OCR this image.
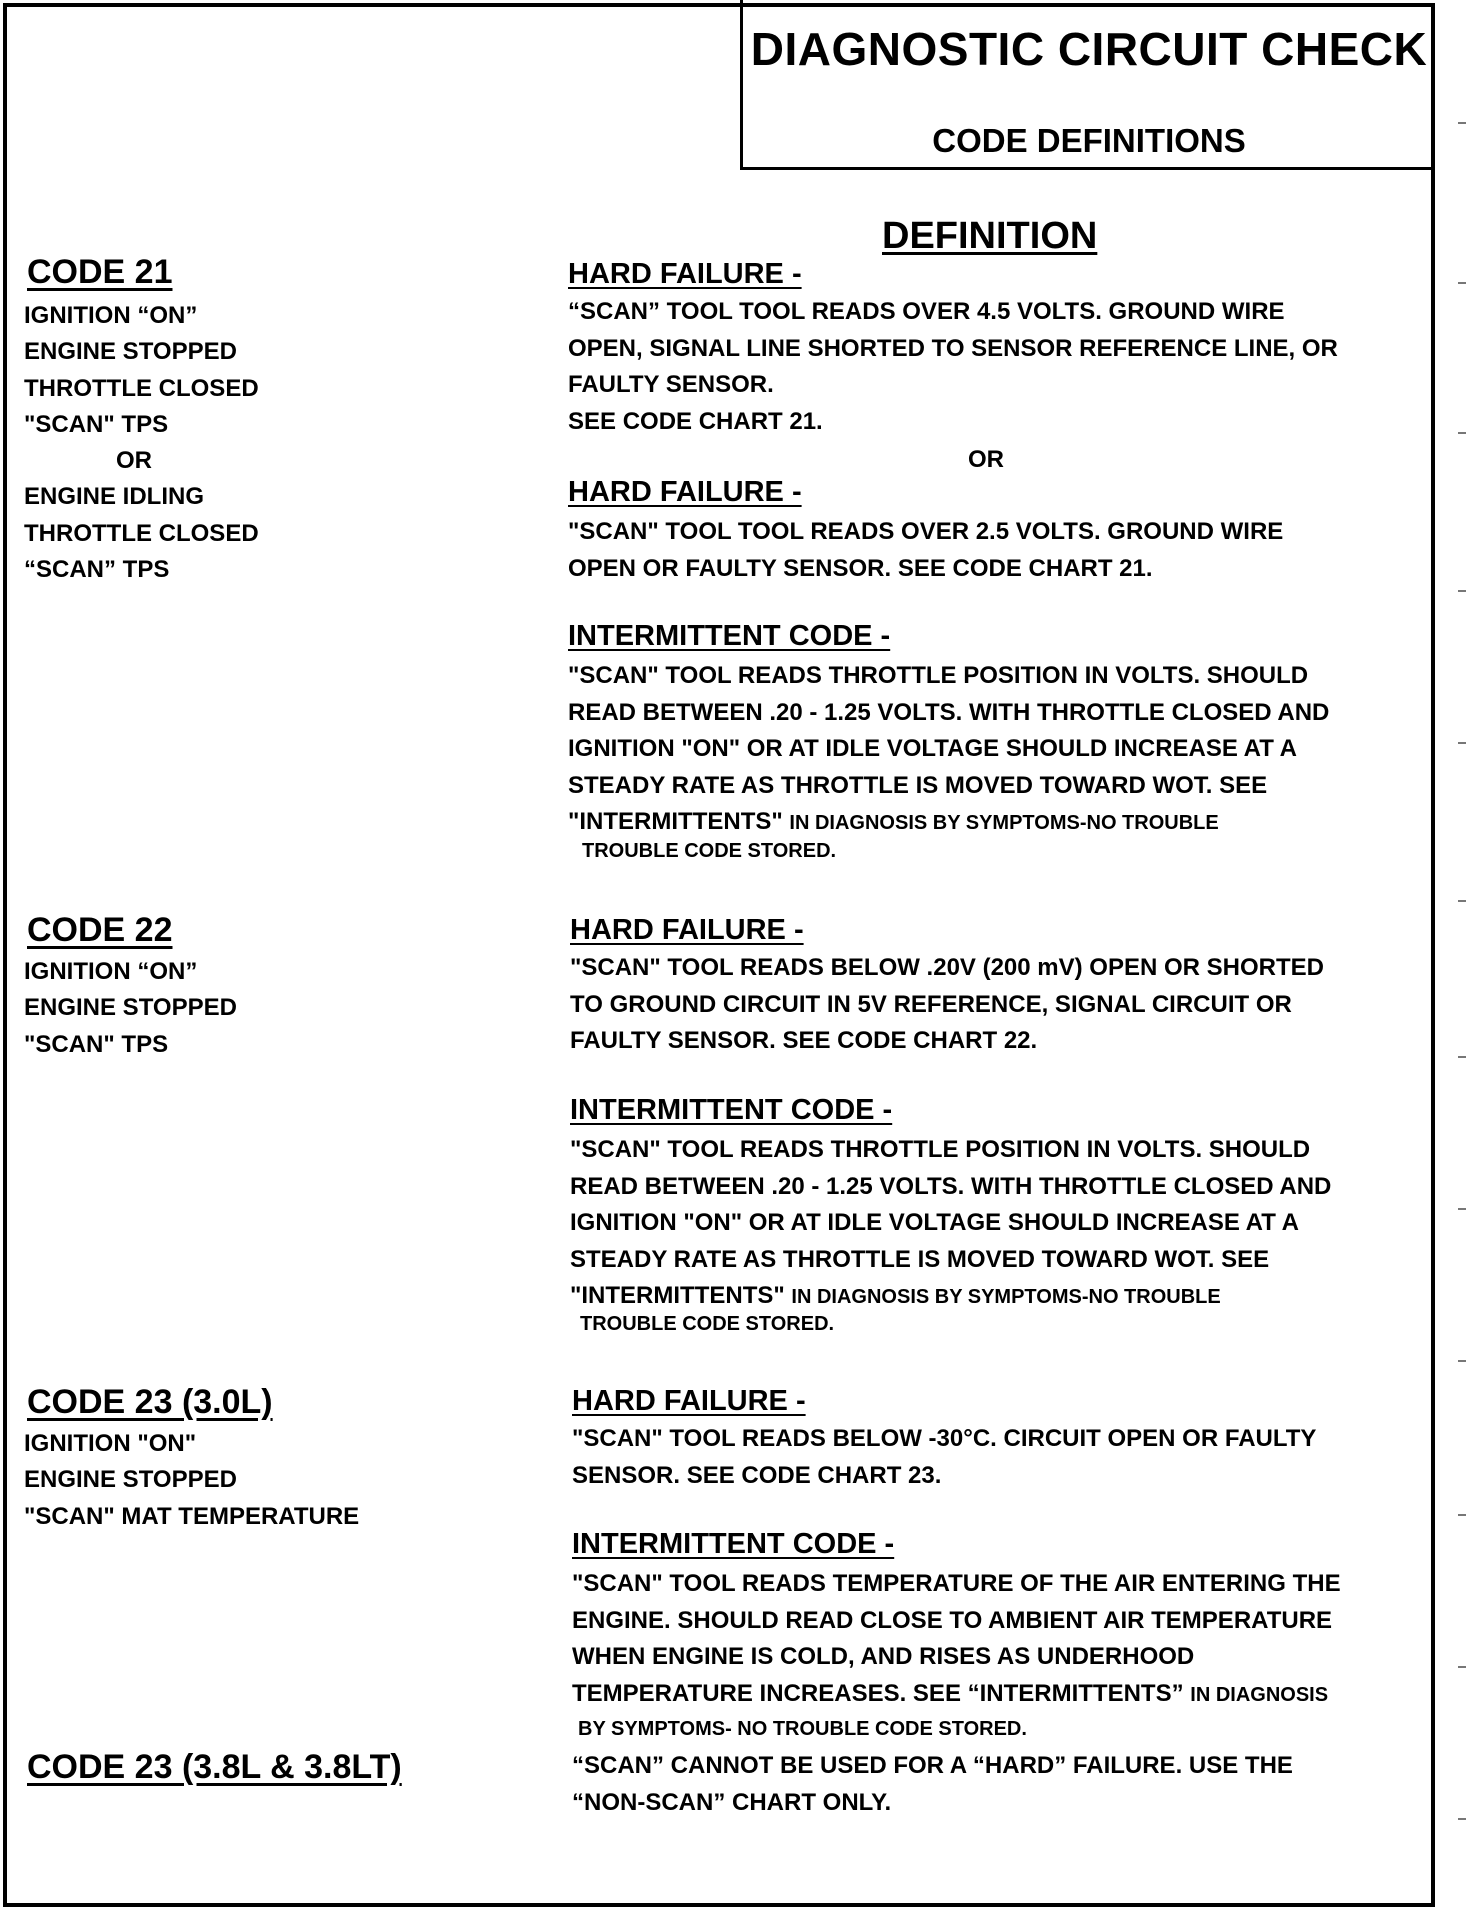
DIAGNOSTIC CIRCUIT CHECK
CODE DEFINITIONS
DEFINITION
CODE 21
IGNITION “ON”
ENGINE STOPPED
THROTTLE CLOSED
"SCAN" TPS
OR
ENGINE IDLING
THROTTLE CLOSED
“SCAN” TPS
HARD FAILURE -
“SCAN” TOOL TOOL READS OVER 4.5 VOLTS. GROUND WIRE
OPEN, SIGNAL LINE SHORTED TO SENSOR REFERENCE LINE, OR
FAULTY SENSOR.
SEE CODE CHART 21.
OR
HARD FAILURE -
"SCAN" TOOL TOOL READS OVER 2.5 VOLTS. GROUND WIRE
OPEN OR FAULTY SENSOR. SEE CODE CHART 21.
INTERMITTENT CODE -
"SCAN" TOOL READS THROTTLE POSITION IN VOLTS. SHOULD
READ BETWEEN .20 - 1.25 VOLTS. WITH THROTTLE CLOSED AND
IGNITION "ON" OR AT IDLE VOLTAGE SHOULD INCREASE AT A
STEADY RATE AS THROTTLE IS MOVED TOWARD WOT. SEE
"INTERMITTENTS" IN DIAGNOSIS BY SYMPTOMS-NO TROUBLE
TROUBLE CODE STORED.
CODE 22
IGNITION “ON”
ENGINE STOPPED
"SCAN" TPS
HARD FAILURE -
"SCAN" TOOL READS BELOW .20V (200 mV) OPEN OR SHORTED
TO GROUND CIRCUIT IN 5V REFERENCE, SIGNAL CIRCUIT OR
FAULTY SENSOR. SEE CODE CHART 22.
INTERMITTENT CODE -
"SCAN" TOOL READS THROTTLE POSITION IN VOLTS. SHOULD
READ BETWEEN .20 - 1.25 VOLTS. WITH THROTTLE CLOSED AND
IGNITION "ON" OR AT IDLE VOLTAGE SHOULD INCREASE AT A
STEADY RATE AS THROTTLE IS MOVED TOWARD WOT. SEE
"INTERMITTENTS" IN DIAGNOSIS BY SYMPTOMS-NO TROUBLE
TROUBLE CODE STORED.
CODE 23 (3.0L)
IGNITION "ON"
ENGINE STOPPED
"SCAN" MAT TEMPERATURE
HARD FAILURE -
"SCAN" TOOL READS BELOW -30°C. CIRCUIT OPEN OR FAULTY
SENSOR. SEE CODE CHART 23.
INTERMITTENT CODE -
"SCAN" TOOL READS TEMPERATURE OF THE AIR ENTERING THE
ENGINE. SHOULD READ CLOSE TO AMBIENT AIR TEMPERATURE
WHEN ENGINE IS COLD, AND RISES AS UNDERHOOD
TEMPERATURE INCREASES. SEE “INTERMITTENTS” IN DIAGNOSIS
BY SYMPTOMS- NO TROUBLE CODE STORED.
CODE 23 (3.8L & 3.8LT)	“SCAN” CANNOT BE USED FOR A “HARD” FAILURE. USE THE
“NON-SCAN” CHART ONLY.
